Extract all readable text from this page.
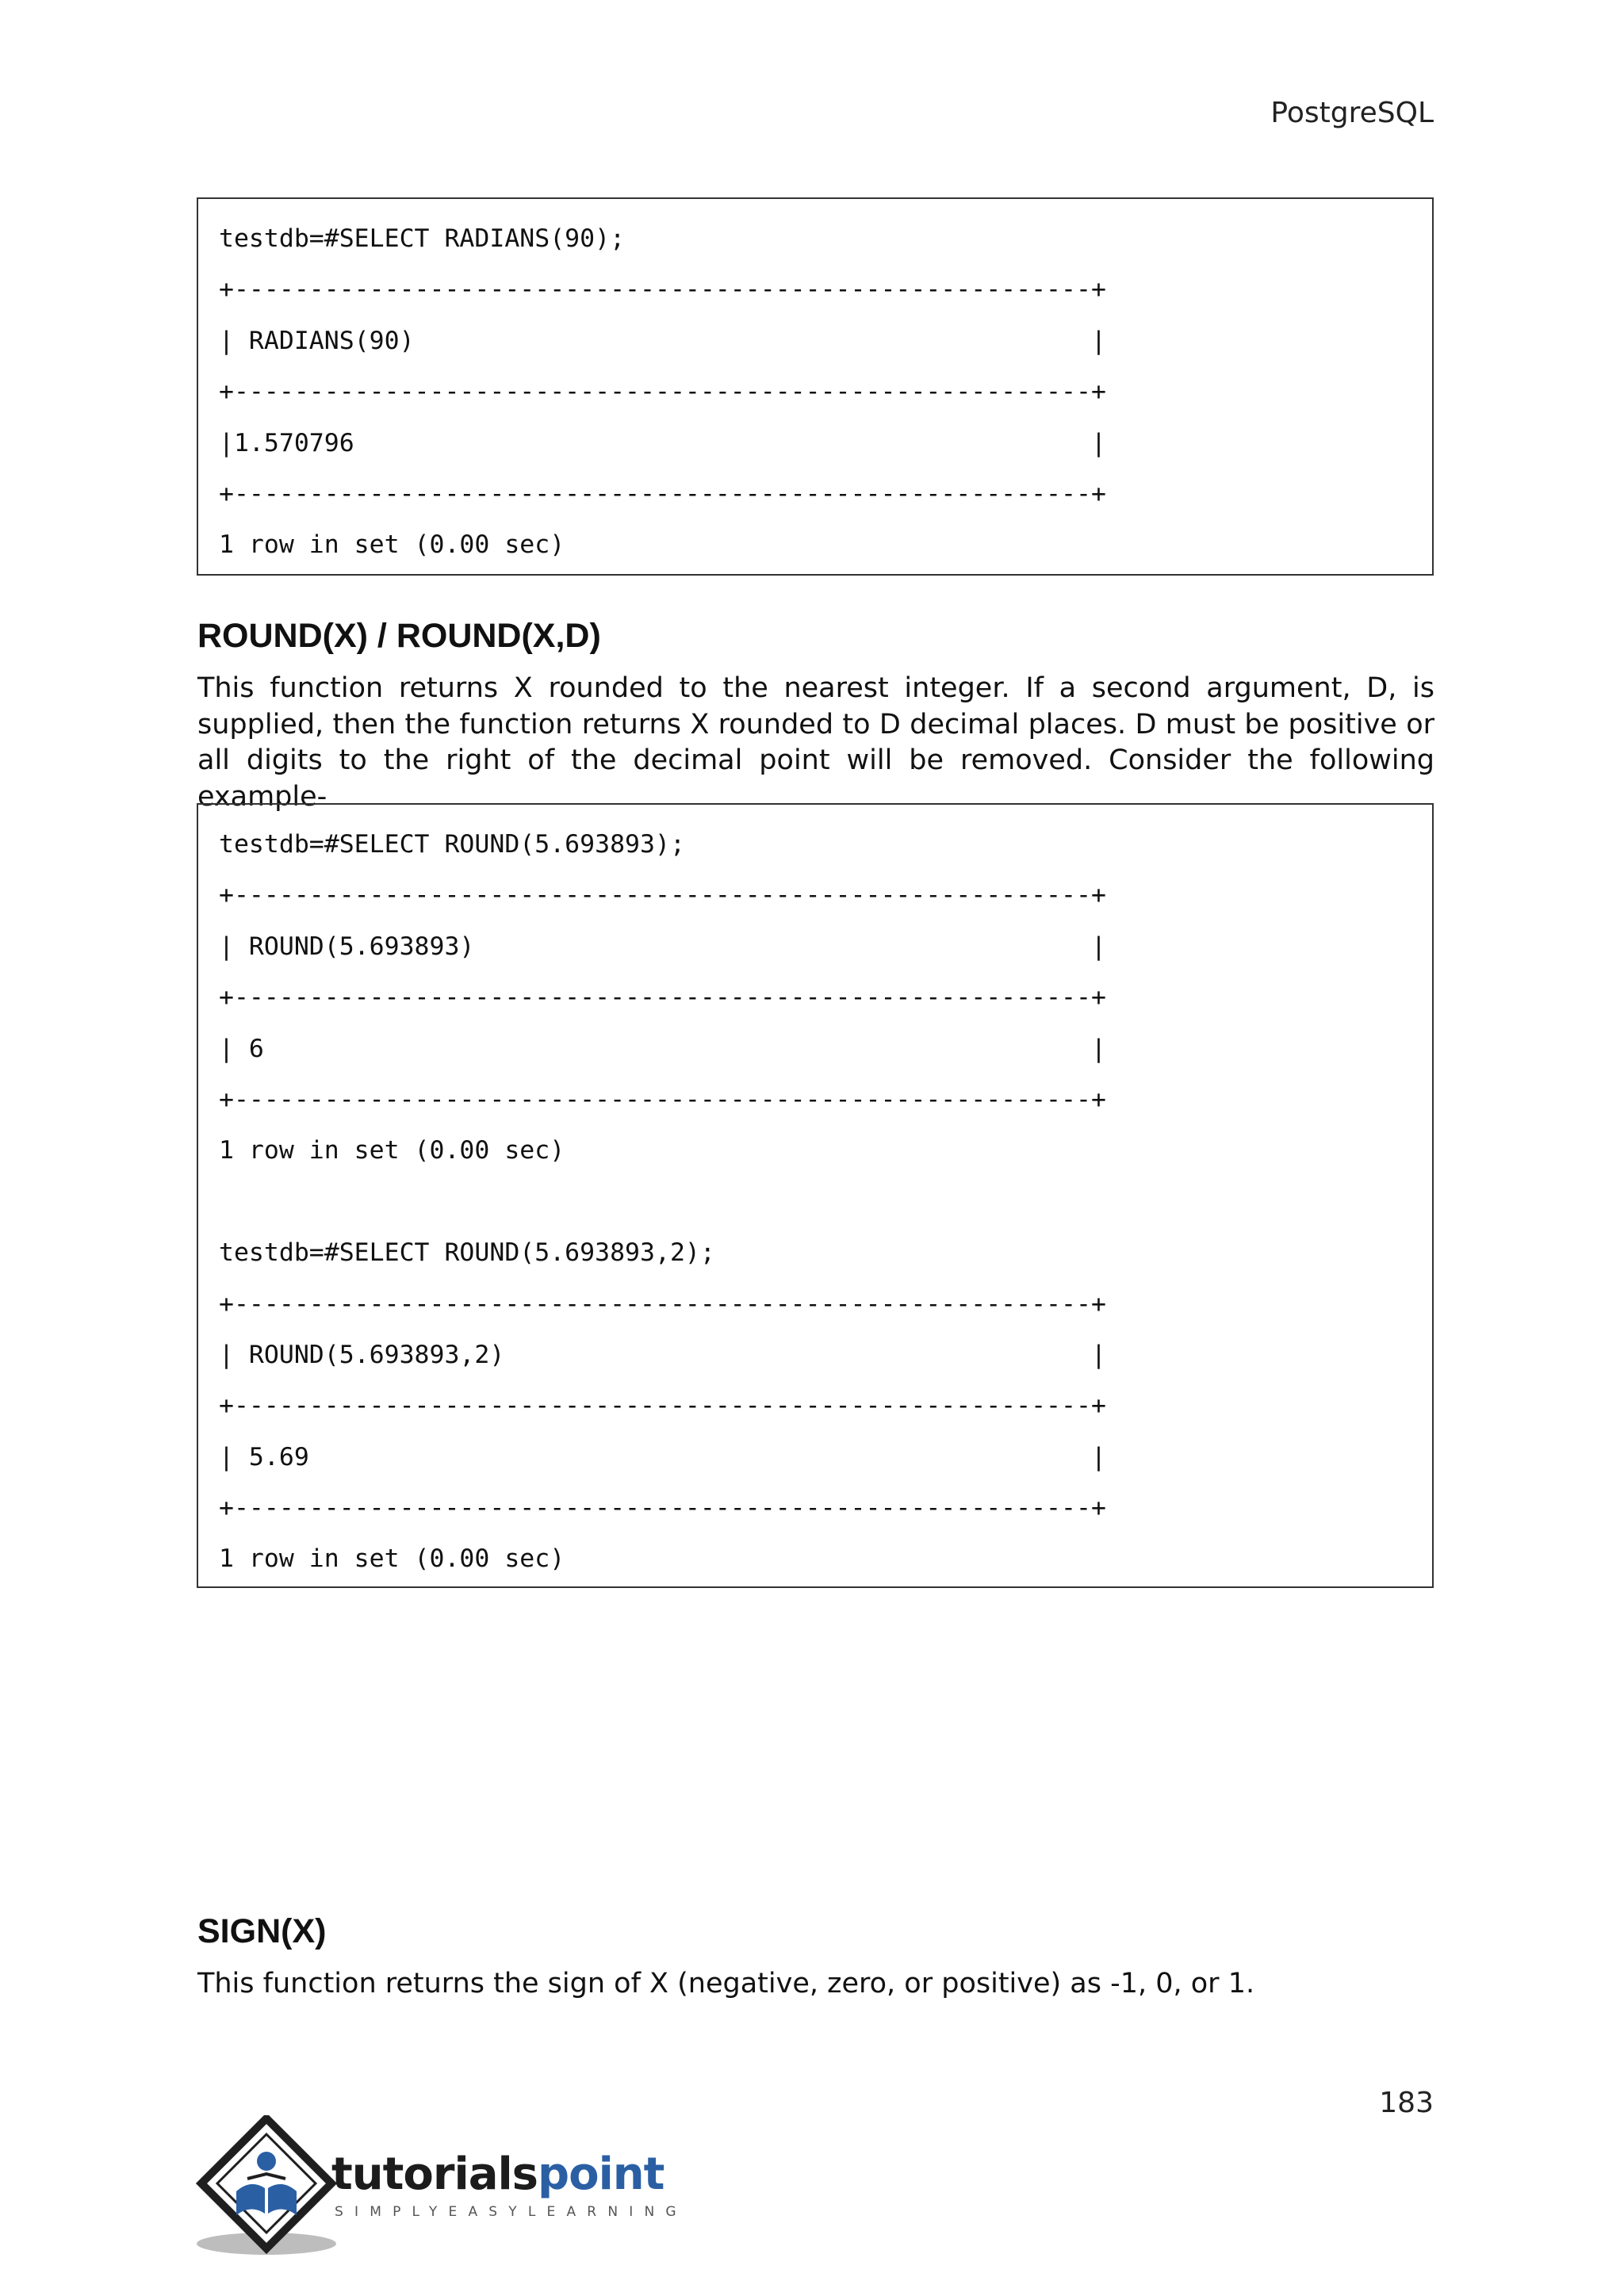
PostgreSQL
testdb=#SELECT RADIANS(90);
+---------------------------------------------------------+
| RADIANS(90)                                             |
+---------------------------------------------------------+
|1.570796                                                 |
+---------------------------------------------------------+
1 row in set (0.00 sec)
ROUND(X) / ROUND(X,D)

This function returns X rounded to the nearest integer. If a second argument, D, is supplied, then the function returns X rounded to D decimal places. D must be positive or all digits to the right of the decimal point will be removed. Consider the following example-

testdb=#SELECT ROUND(5.693893);
+---------------------------------------------------------+
| ROUND(5.693893)                                         |
+---------------------------------------------------------+
| 6                                                       |
+---------------------------------------------------------+
1 row in set (0.00 sec)
testdb=#SELECT ROUND(5.693893,2);
+---------------------------------------------------------+
| ROUND(5.693893,2)                                       |
+---------------------------------------------------------+
| 5.69                                                    |
+---------------------------------------------------------+
1 row in set (0.00 sec)
SIGN(X)

This function returns the sign of X (negative, zero, or positive) as -1, 0, or 1.

183
tutorialspoint
SIMPLYEASYLEARNING
